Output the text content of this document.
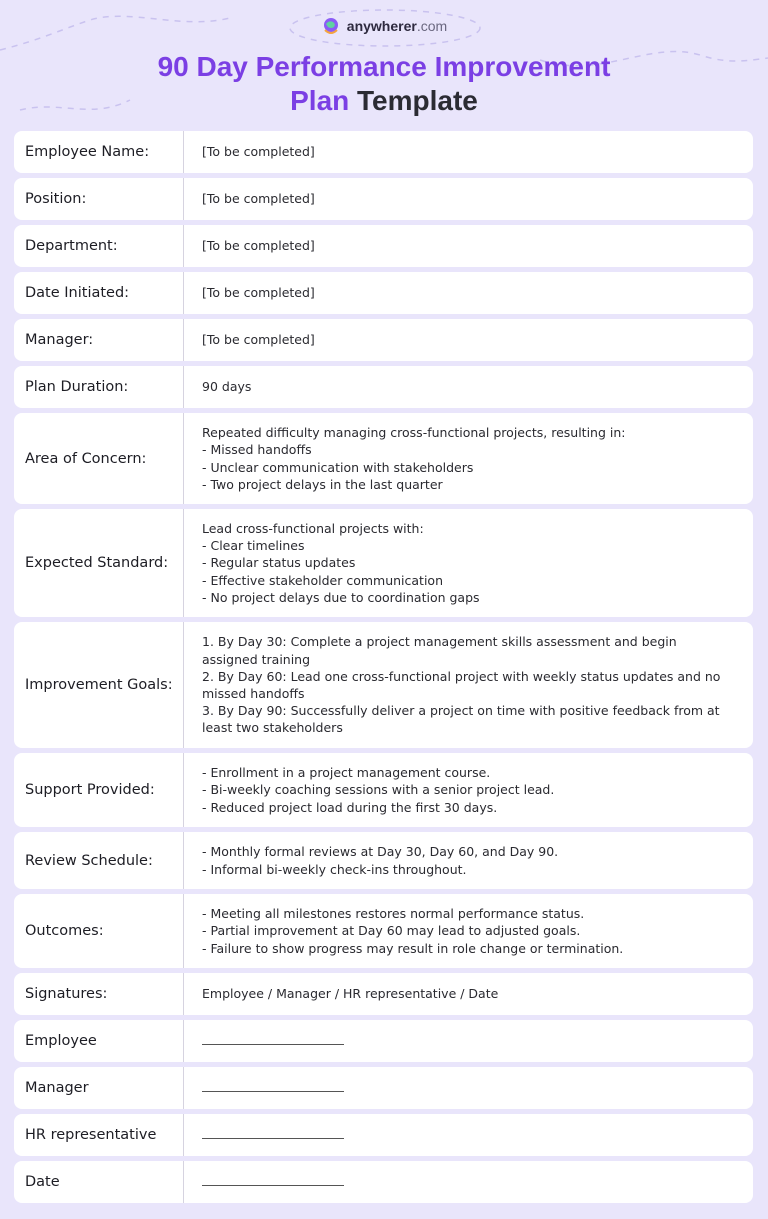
anywherer.com
90 Day Performance Improvement
Plan Template
Employee Name:	[To be completed]
Position:	[To be completed]
Department:	[To be completed]
Date Initiated:	[To be completed]
Manager:	[To be completed]
Plan Duration:	90 days
Area of Concern:
Repeated difficulty managing cross-functional projects, resulting in:
- Missed handoffs
- Unclear communication with stakeholders
- Two project delays in the last quarter
Expected Standard:
Lead cross-functional projects with:
- Clear timelines
- Regular status updates
- Effective stakeholder communication
- No project delays due to coordination gaps
Improvement Goals:
1. By Day 30: Complete a project management skills assessment and begin assigned training
2. By Day 60: Lead one cross-functional project with weekly status updates and no missed handoffs
3. By Day 90: Successfully deliver a project on time with positive feedback from at least two stakeholders
Support Provided:
- Enrollment in a project management course.
- Bi-weekly coaching sessions with a senior project lead.
- Reduced project load during the first 30 days.
Review Schedule:
- Monthly formal reviews at Day 30, Day 60, and Day 90.
- Informal bi-weekly check-ins throughout.
Outcomes:
- Meeting all milestones restores normal performance status.
- Partial improvement at Day 60 may lead to adjusted goals.
- Failure to show progress may result in role change or termination.
Signatures:	Employee / Manager / HR representative / Date
Employee
Manager
HR representative
Date
